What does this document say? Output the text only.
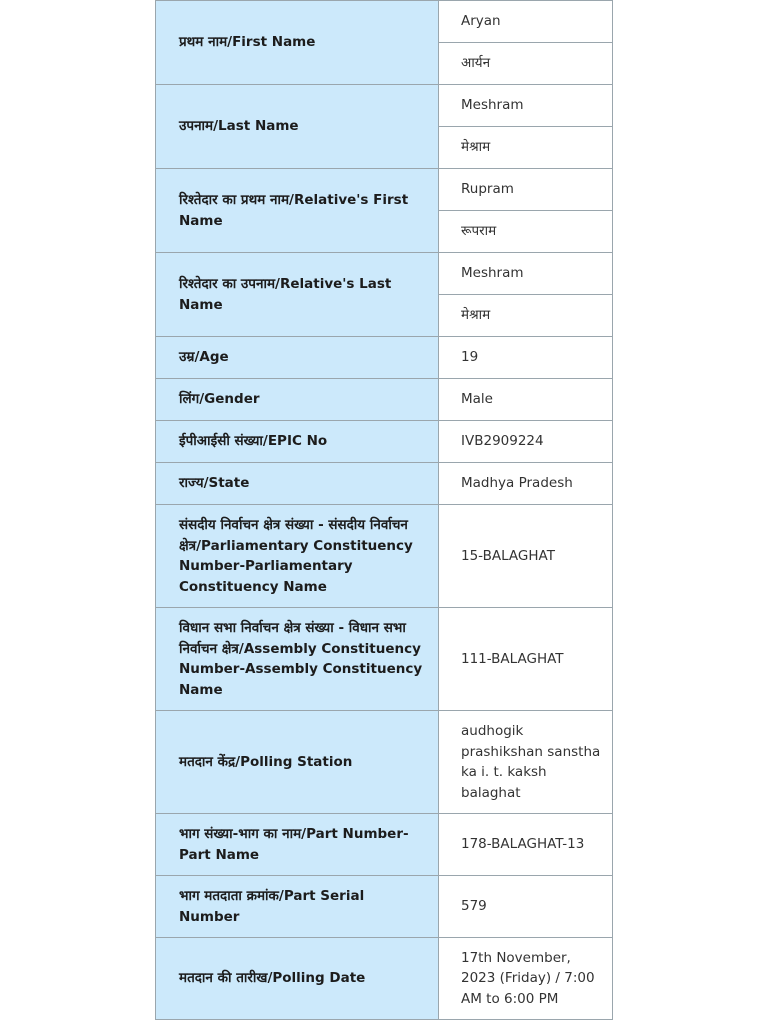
प्रथम नाम/First Name	Aryan
	आर्यन
उपनाम/Last Name	Meshram
	मेश्राम
रिश्तेदार का प्रथम नाम/Relative's First Name	Rupram
	रूपराम
रिश्तेदार का उपनाम/Relative's Last Name	Meshram
	मेश्राम
उम्र/Age	19
लिंग/Gender	Male
ईपीआईसी संख्या/EPIC No	IVB2909224
राज्य/State	Madhya Pradesh
संसदीय निर्वाचन क्षेत्र संख्या - संसदीय निर्वाचन क्षेत्र/Parliamentary Constituency Number-Parliamentary Constituency Name	15-BALAGHAT
विधान सभा निर्वाचन क्षेत्र संख्या - विधान सभा निर्वाचन क्षेत्र/Assembly Constituency Number-Assembly Constituency Name	111-BALAGHAT
मतदान केंद्र/Polling Station	audhogik prashikshan sanstha ka i. t. kaksh balaghat
भाग संख्या-भाग का नाम/Part Number-Part Name	178-BALAGHAT-13
भाग मतदाता क्रमांक/Part Serial Number	579
मतदान की तारीख/Polling Date	17th November, 2023 (Friday) / 7:00 AM to 6:00 PM
